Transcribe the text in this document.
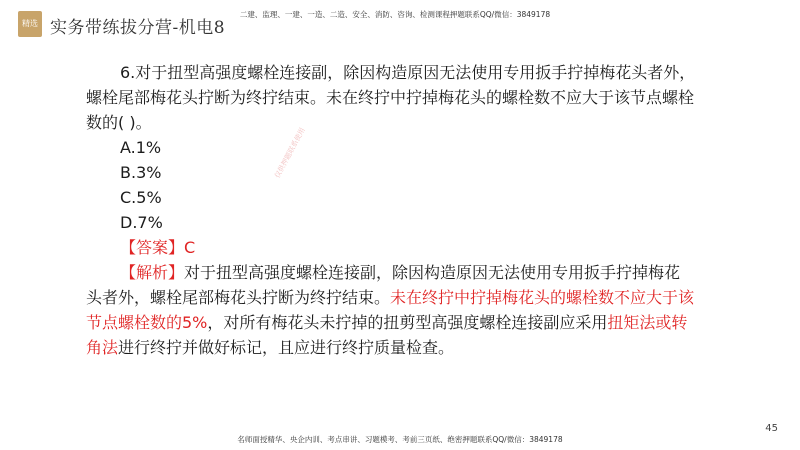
精选 实务带练拔分营-机电8
二建、监理、一建、一造、二造、安全、消防、咨询、检测课程押题联系QQ/微信：3849178
仅供押题联系使用

6.对于扭型高强度螺栓连接副，除因构造原因无法使用专用扳手拧掉梅花头者外，螺栓尾部梅花头拧断为终拧结束。未在终拧中拧掉梅花头的螺栓数不应大于该节点螺栓数的( )。

A.1%

B.3%

C.5%

D.7%

【答案】C

【解析】对于扭型高强度螺栓连接副，除因构造原因无法使用专用扳手拧掉梅花头者外，螺栓尾部梅花头拧断为终拧结束。未在终拧中拧掉梅花头的螺栓数不应大于该节点螺栓数的5%，对所有梅花头未拧掉的扭剪型高强度螺栓连接副应采用扭矩法或转角法进行终拧并做好标记，且应进行终拧质量检查。

45
名师面授精华、央企内训、考点串讲、习题模考、考前三页纸、绝密押题联系QQ/微信：3849178
